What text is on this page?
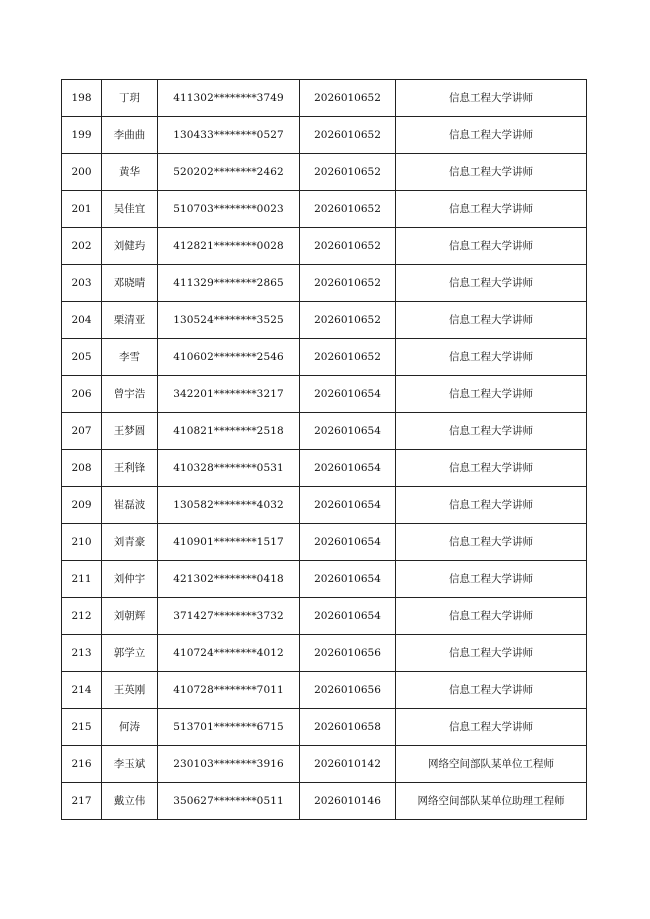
198	丁玥	411302********3749	2026010652	信息工程大学讲师
199	李曲曲	130433********0527	2026010652	信息工程大学讲师
200	黄华	520202********2462	2026010652	信息工程大学讲师
201	吴佳宜	510703********0023	2026010652	信息工程大学讲师
202	刘健玙	412821********0028	2026010652	信息工程大学讲师
203	邓晓晴	411329********2865	2026010652	信息工程大学讲师
204	栗清亚	130524********3525	2026010652	信息工程大学讲师
205	李雪	410602********2546	2026010652	信息工程大学讲师
206	曾宇浩	342201********3217	2026010654	信息工程大学讲师
207	王梦圆	410821********2518	2026010654	信息工程大学讲师
208	王利锋	410328********0531	2026010654	信息工程大学讲师
209	崔磊波	130582********4032	2026010654	信息工程大学讲师
210	刘青豪	410901********1517	2026010654	信息工程大学讲师
211	刘仲宇	421302********0418	2026010654	信息工程大学讲师
212	刘朝辉	371427********3732	2026010654	信息工程大学讲师
213	郭学立	410724********4012	2026010656	信息工程大学讲师
214	王英刚	410728********7011	2026010656	信息工程大学讲师
215	何涛	513701********6715	2026010658	信息工程大学讲师
216	李玉斌	230103********3916	2026010142	网络空间部队某单位工程师
217	戴立伟	350627********0511	2026010146	网络空间部队某单位助理工程师
